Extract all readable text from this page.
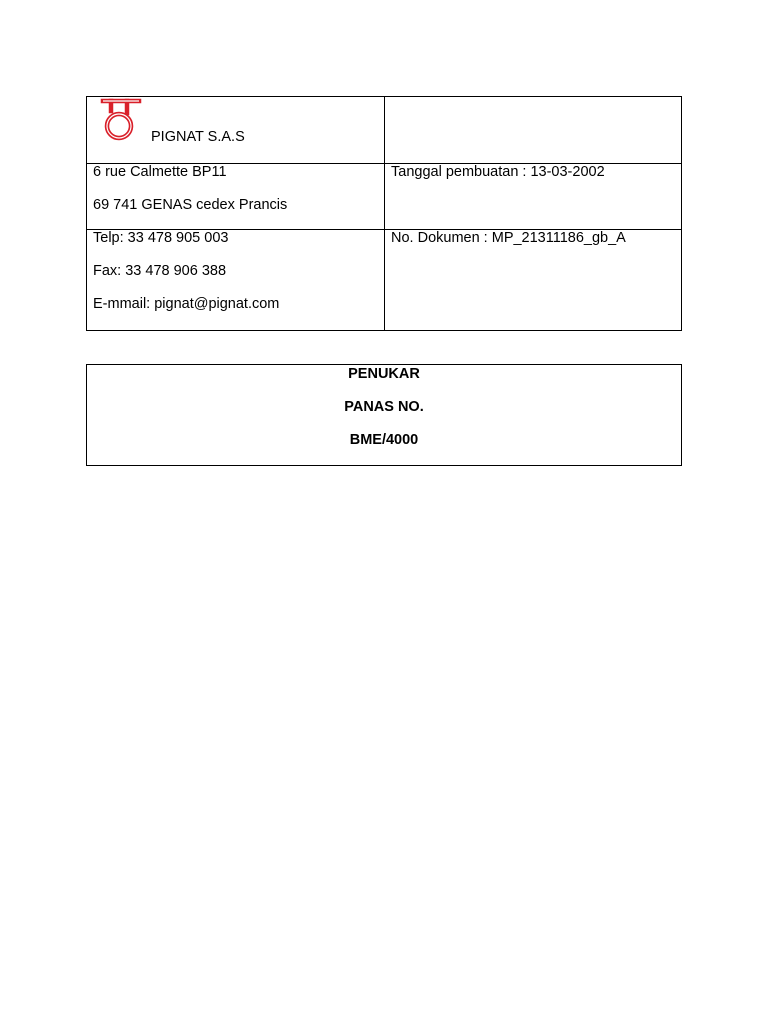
PIGNAT S.A.S	

6 rue Calmette BP11
69 741 GENAS cedex Prancis	Tanggal pembuatan : 13-03-2002

Telp: 33 478 905 003
Fax: 33 478 906 388
E-mmail: pignat@pignat.com	No. Dokumen : MP_21311186_gb_A
PENUKAR
PANAS NO.
BME/4000
